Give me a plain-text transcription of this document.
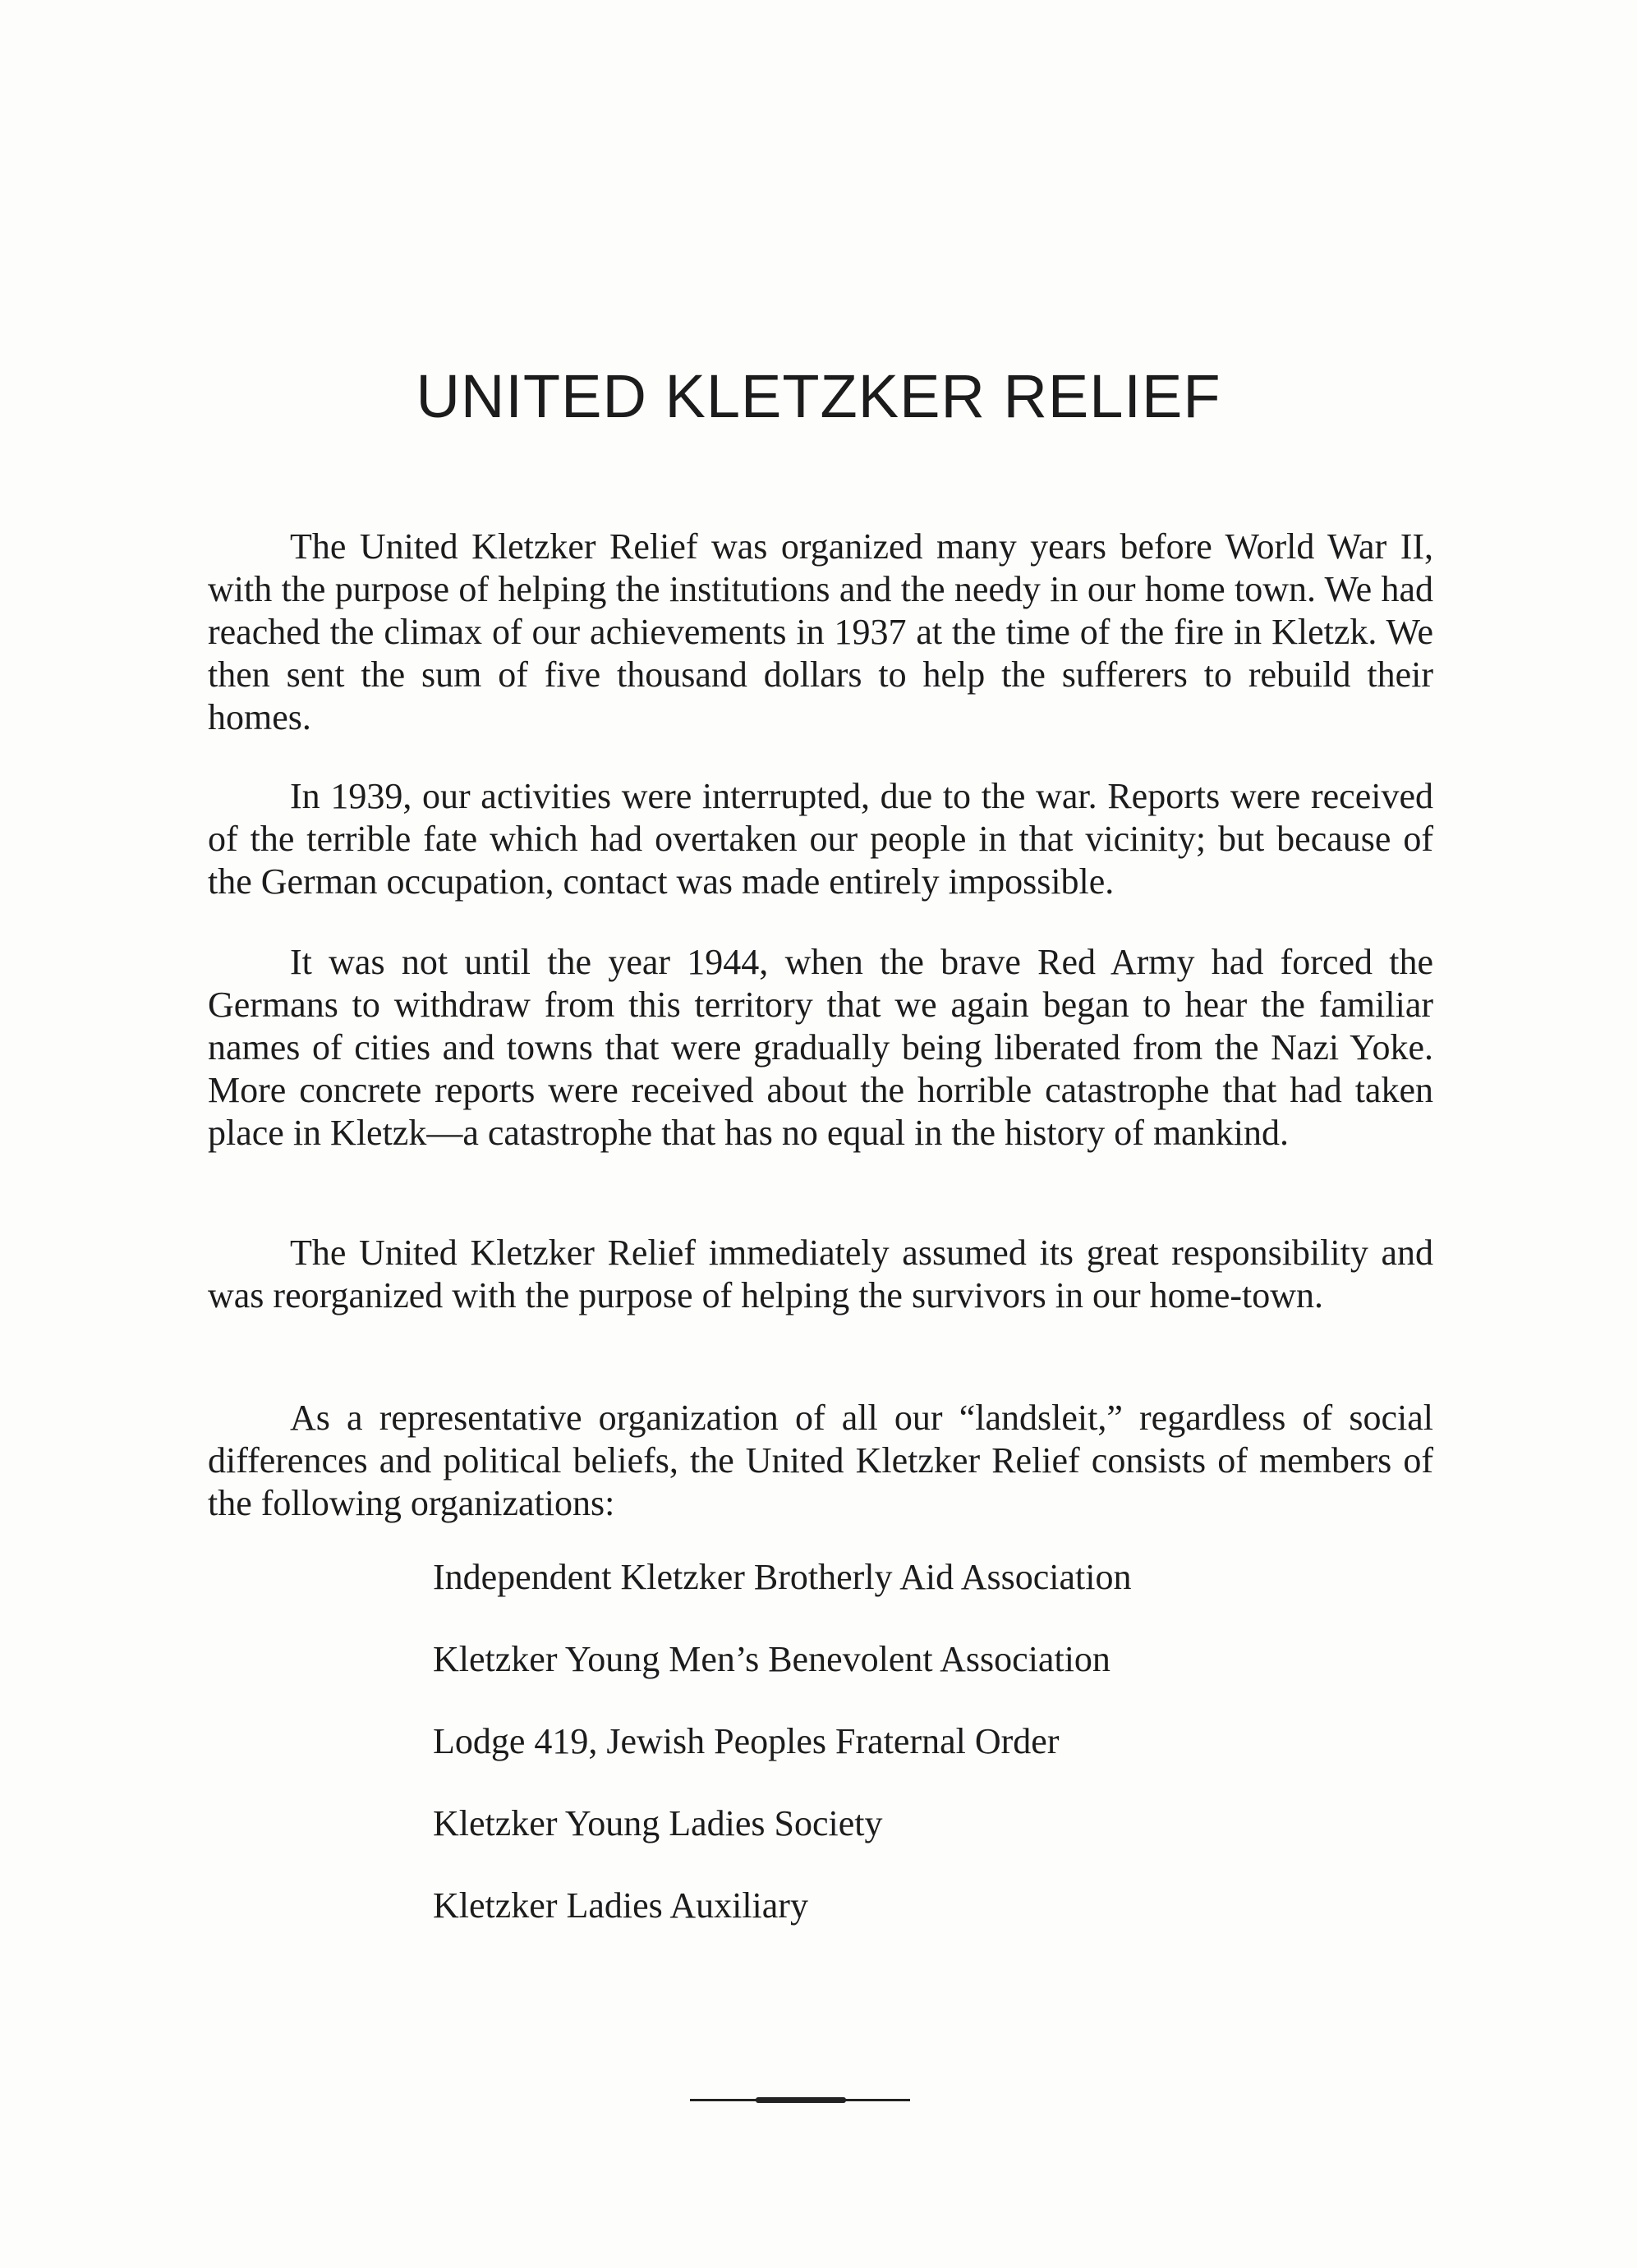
UNITED KLETZKER RELIEF

The United Kletzker Relief was organized many years before World War II, with the purpose of helping the institutions and the needy in our home town. We had reached the climax of our achievements in 1937 at the time of the fire in Kletzk. We then sent the sum of five thousand dollars to help the sufferers to rebuild their homes.

In 1939, our activities were interrupted, due to the war. Reports were received of the terrible fate which had overtaken our people in that vicinity; but because of the German occupation, contact was made entirely impossible.

It was not until the year 1944, when the brave Red Army had forced the Germans to withdraw from this territory that we again began to hear the familiar names of cities and towns that were gradually being liberated from the Nazi Yoke. More concrete reports were received about the horrible catastrophe that had taken place in Kletzk—a catastrophe that has no equal in the history of mankind.

The United Kletzker Relief immediately assumed its great responsibility and was reorganized with the purpose of helping the survivors in our home-town.

As a representative organization of all our “landsleit,” regardless of social differences and political beliefs, the United Kletzker Relief consists of members of the following organizations:

Independent Kletzker Brotherly Aid Association
Kletzker Young Men’s Benevolent Association
Lodge 419, Jewish Peoples Fraternal Order
Kletzker Young Ladies Society
Kletzker Ladies Auxiliary
